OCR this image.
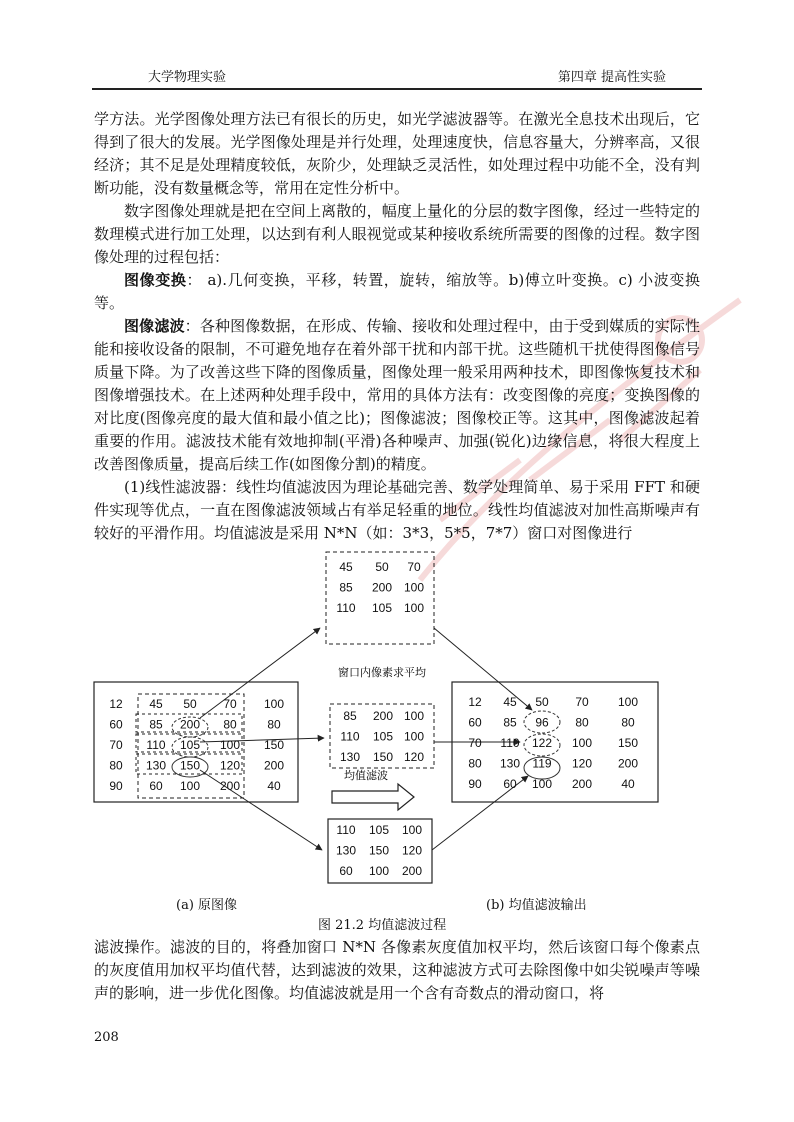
大学物理实验	第四章 提高性实验

学方法。光学图像处理方法已有很长的历史，如光学滤波器等。在激光全息技术出现后，它得到了很大的发展。光学图像处理是并行处理，处理速度快，信息容量大，分辨率高，又很经济；其不足是处理精度较低，灰阶少，处理缺乏灵活性，如处理过程中功能不全，没有判断功能，没有数量概念等，常用在定性分析中。

数字图像处理就是把在空间上离散的，幅度上量化的分层的数字图像，经过一些特定的数理模式进行加工处理，以达到有利人眼视觉或某种接收系统所需要的图像的过程。数字图像处理的过程包括：

图像变换： a).几何变换，平移，转置，旋转，缩放等。b)傅立叶变换。c) 小波变换等。

图像滤波：各种图像数据，在形成、传输、接收和处理过程中，由于受到媒质的实际性能和接收设备的限制，不可避免地存在着外部干扰和内部干扰。这些随机干扰使得图像信号质量下降。为了改善这些下降的图像质量，图像处理一般采用两种技术，即图像恢复技术和图像增强技术。在上述两种处理手段中，常用的具体方法有：改变图像的亮度；变换图像的对比度(图像亮度的最大值和最小值之比)；图像滤波；图像校正等。这其中，图像滤波起着重要的作用。滤波技术能有效地抑制(平滑)各种噪声、加强(锐化)边缘信息，将很大程度上改善图像质量，提高后续工作(如图像分割)的精度。

(1)线性滤波器：线性均值滤波因为理论基础完善、数学处理简单、易于采用 FFT 和硬件实现等优点，一直在图像滤波领域占有举足轻重的地位。线性均值滤波对加性高斯噪声有较好的平滑作用。均值滤波是采用 N*N（如：3*3，5*5，7*7）窗口对图像进行

窗口内像素求平均
均值滤波
12 45 50 70 100
60 85 200 80	80
70 110 105 100 150
80 130 150 120 200
90 60 100 200 40
12 45 50 70 100
60 85 96 80	80
70 110 122 100 150
80 130 119 120 200
90 60 100 200 40
45 50 70
85 200 100
110 105 100
85 200 100
110 105 100
130 150 120
110 105 100
130 150 120
60 100 200
(a) 原图像	(b) 均值滤波输出
图 21.2 均值滤波过程

滤波操作。滤波的目的，将叠加窗口 N*N 各像素灰度值加权平均，然后该窗口每个像素点的灰度值用加权平均值代替，达到滤波的效果，这种滤波方式可去除图像中如尖锐噪声等噪声的影响，进一步优化图像。均值滤波就是用一个含有奇数点的滑动窗口，将

208
